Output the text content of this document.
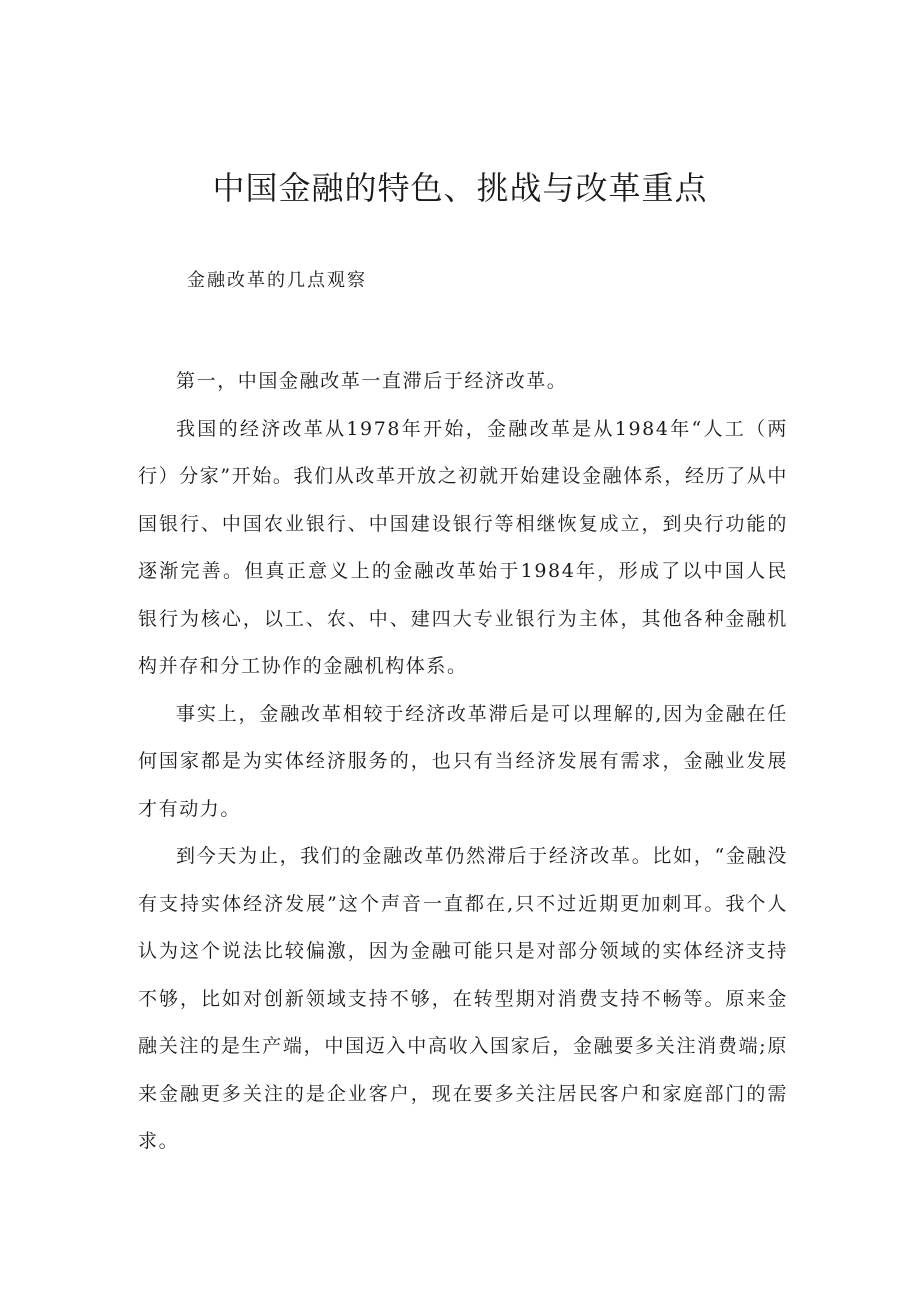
中国金融的特色、挑战与改革重点

金融改革的几点观察

第一，中国金融改革一直滞后于经济改革。

我国的经济改革从1978年开始，金融改革是从1984年“人工（两行）分家”开始。我们从改革开放之初就开始建设金融体系，经历了从中国银行、中国农业银行、中国建设银行等相继恢复成立，到央行功能的逐渐完善。但真正意义上的金融改革始于1984年，形成了以中国人民银行为核心，以工、农、中、建四大专业银行为主体，其他各种金融机构并存和分工协作的金融机构体系。

事实上，金融改革相较于经济改革滞后是可以理解的,因为金融在任何国家都是为实体经济服务的，也只有当经济发展有需求，金融业发展才有动力。

到今天为止，我们的金融改革仍然滞后于经济改革。比如，“金融没有支持实体经济发展”这个声音一直都在,只不过近期更加刺耳。我个人认为这个说法比较偏激，因为金融可能只是对部分领域的实体经济支持不够，比如对创新领域支持不够，在转型期对消费支持不畅等。原来金融关注的是生产端，中国迈入中高收入国家后，金融要多关注消费端;原来金融更多关注的是企业客户，现在要多关注居民客户和家庭部门的需求。
